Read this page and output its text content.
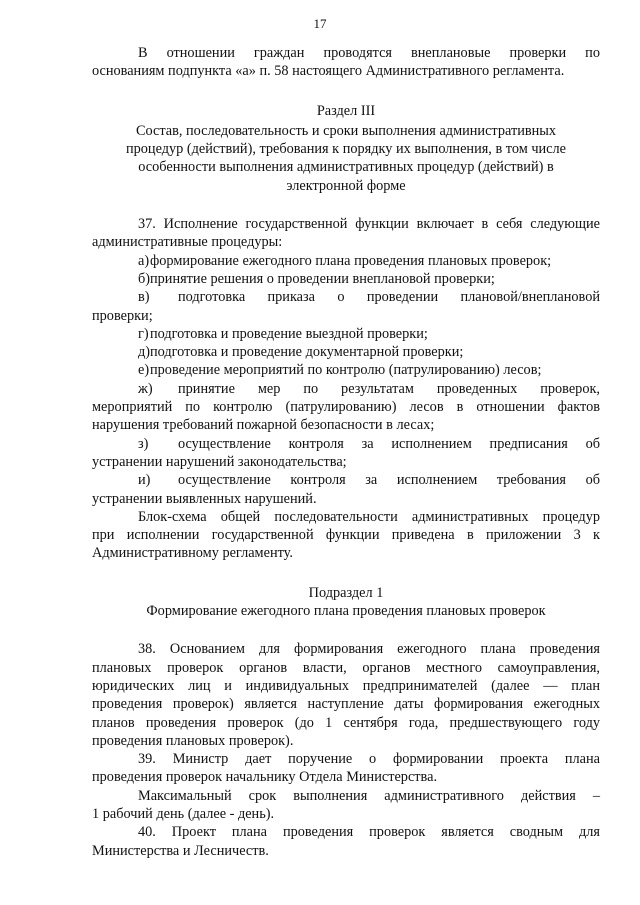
17

В отношении граждан проводятся внеплановые проверки по

основаниям подпункта «а» п. 58 настоящего Административного регламента.

Раздел III

Состав, последовательность и сроки выполнения административных

процедур (действий), требования к порядку их выполнения, в том числе

особенности выполнения административных процедур (действий) в

электронной форме

37. Исполнение государственной функции включает в себя следующие

административные процедуры:

а) формирование ежегодного плана проведения плановых проверок;
б) принятие решения о проведении внеплановой проверки;
в)	подготовка приказа о проведении плановой/внеплановой

проверки;

г) подготовка и проведение выездной проверки;
д) подготовка и проведение документарной проверки;
е) проведение мероприятий по контролю (патрулированию) лесов;
ж)	принятие мер по результатам проведенных проверок,

мероприятий по контролю (патрулированию) лесов в отношении фактов

нарушения требований пожарной безопасности в лесах;

з)	осуществление контроля за исполнением предписания об

устранении нарушений законодательства;

и)	осуществление контроля за исполнением требования об

устранении выявленных нарушений.

Блок-схема общей последовательности административных процедур

при исполнении государственной функции приведена в приложении 3 к

Административному регламенту.

Подраздел 1

Формирование ежегодного плана проведения плановых проверок

38. Основанием для формирования ежегодного плана проведения

плановых проверок органов власти, органов местного самоуправления,

юридических лиц и индивидуальных предпринимателей (далее — план

проведения проверок) является наступление даты формирования ежегодных

планов проведения проверок (до 1 сентября года, предшествующего году

проведения плановых проверок).

39. Министр дает поручение о формировании проекта плана

проведения проверок начальнику Отдела Министерства.

Максимальный срок выполнения административного действия –

1 рабочий день (далее - день).

40. Проект плана проведения проверок является сводным для

Министерства и Лесничеств.
